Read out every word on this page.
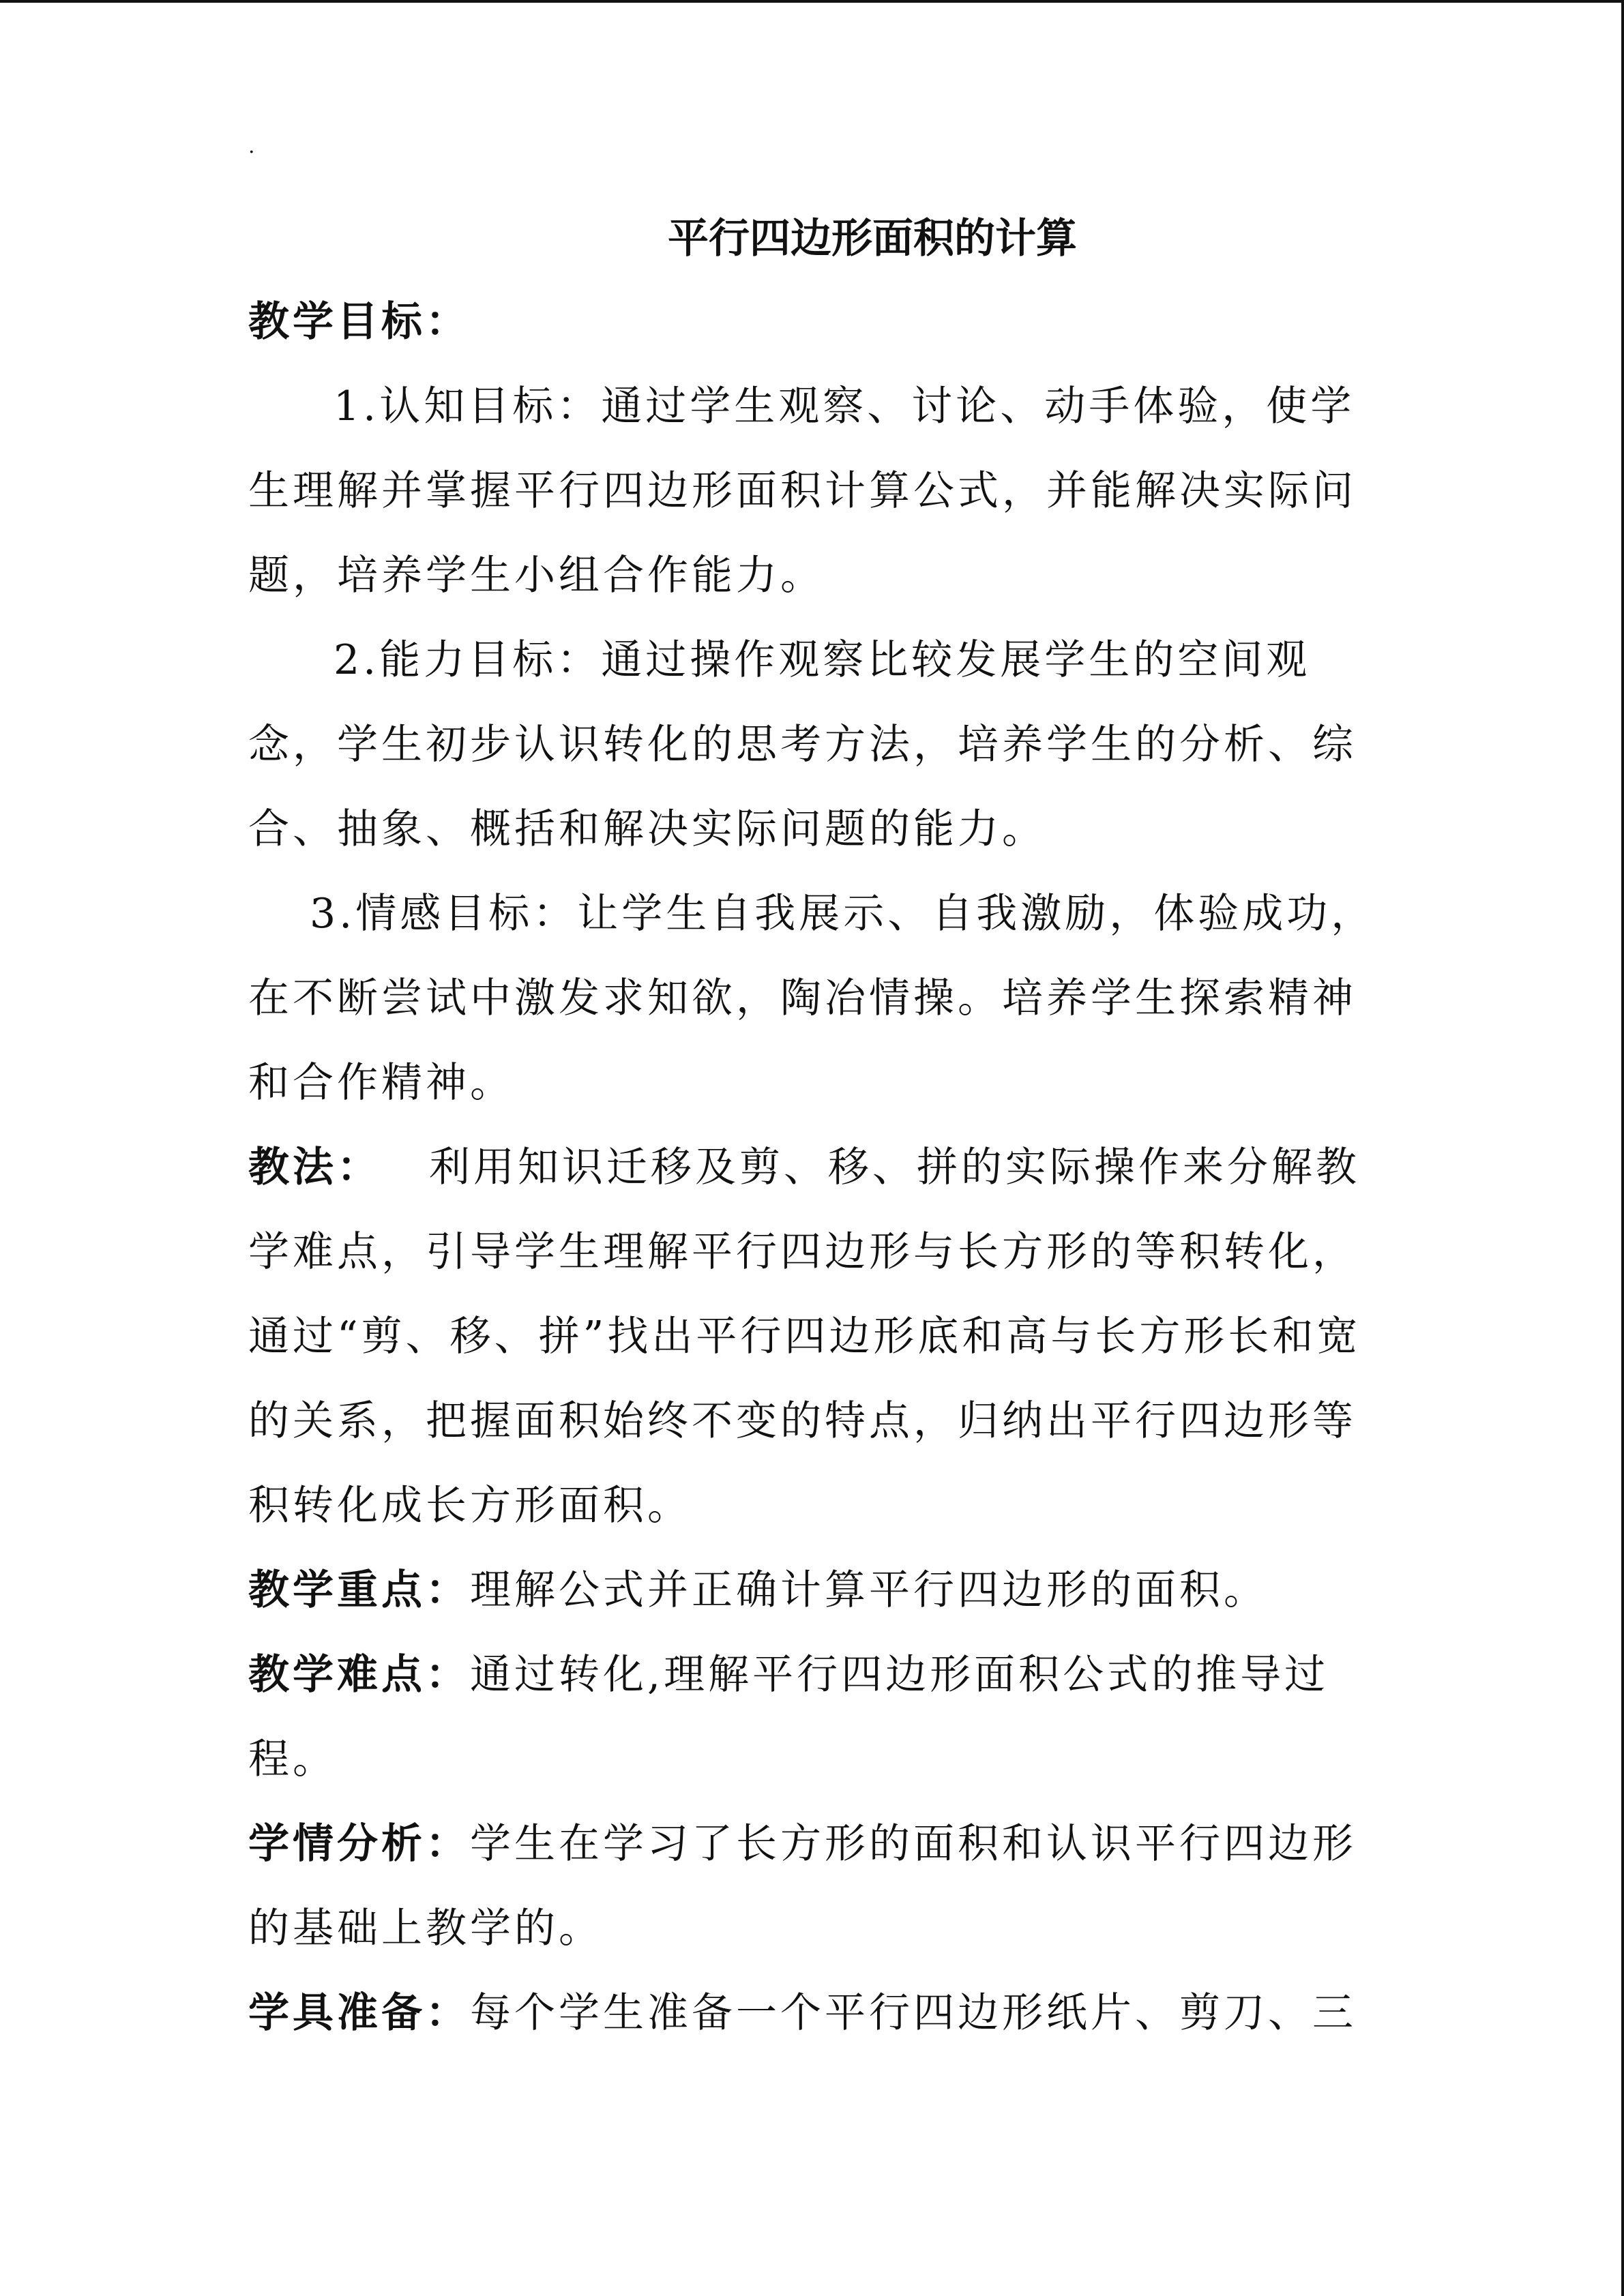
.
平行四边形面积的计算

教学目标：

1.认知目标：通过学生观察、讨论、动手体验，使学生理解并掌握平行四边形面积计算公式，并能解决实际问题，培养学生小组合作能力。

2.能力目标：通过操作观察比较发展学生的空间观念，学生初步认识转化的思考方法，培养学生的分析、综合、抽象、概括和解决实际问题的能力。

3.情感目标：让学生自我展示、自我激励，体验成功，在不断尝试中激发求知欲，陶冶情操。培养学生探索精神和合作精神。

教法：　  利用知识迁移及剪、移、拼的实际操作来分解教学难点，引导学生理解平行四边形与长方形的等积转化，通过“剪、移、拼”找出平行四边形底和高与长方形长和宽的关系，把握面积始终不变的特点，归纳出平行四边形等积转化成长方形面积。

教学重点：理解公式并正确计算平行四边形的面积。

教学难点：通过转化,理解平行四边形面积公式的推导过程。

学情分析：学生在学习了长方形的面积和认识平行四边形的基础上教学的。

学具准备：每个学生准备一个平行四边形纸片、剪刀、三
